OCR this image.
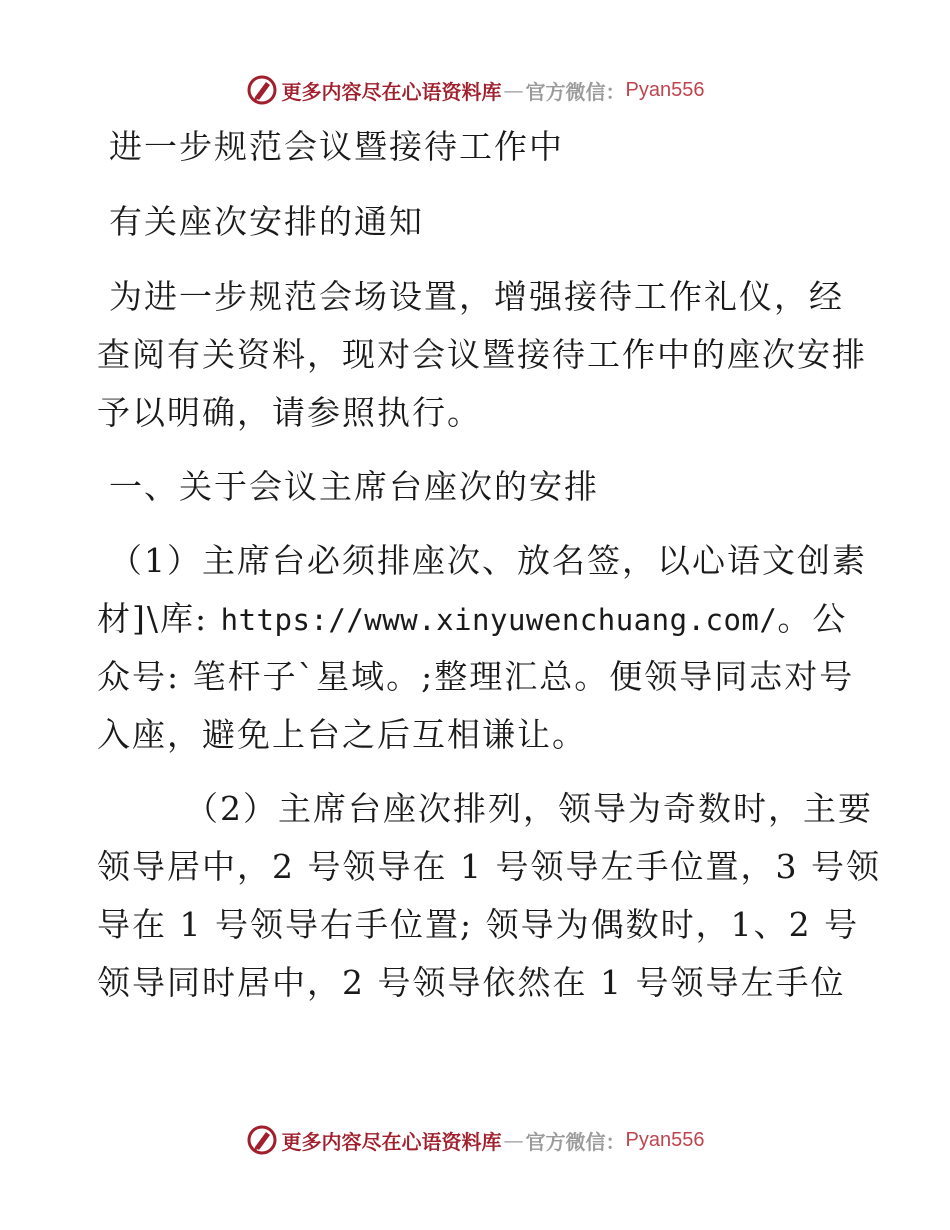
更多内容尽在心语资料库 — 官方微信： Pyan556
进一步规范会议暨接待工作中
有关座次安排的通知
为进一步规范会场设置，增强接待工作礼仪，经
查阅有关资料，现对会议暨接待工作中的座次安排
予以明确，请参照执行。
一、关于会议主席台座次的安排
（1）主席台必须排座次、放名签，以心语文创素
材]\库: https://www.xinyuwenchuang.com/。公
众号: 笔杆子`星域。;整理汇总。便领导同志对号
入座，避免上台之后互相谦让。
（2）主席台座次排列，领导为奇数时，主要
领导居中，2 号领导在 1 号领导左手位置，3 号领
导在 1 号领导右手位置; 领导为偶数时，1、2 号
领导同时居中，2 号领导依然在 1 号领导左手位
更多内容尽在心语资料库 — 官方微信： Pyan556
